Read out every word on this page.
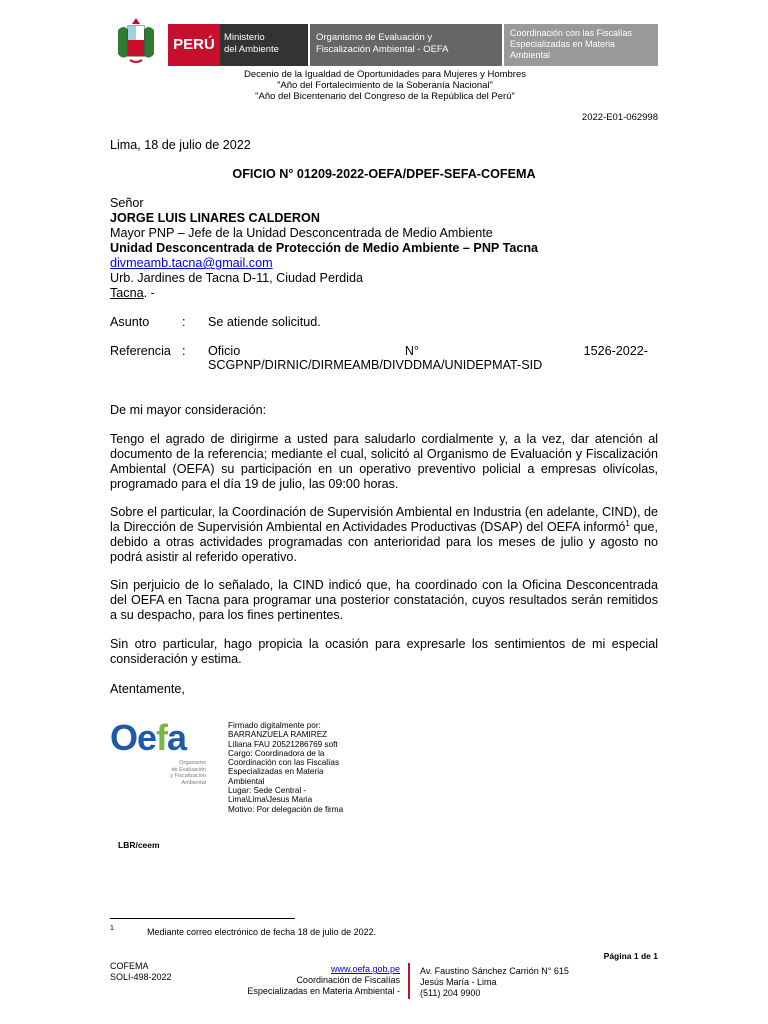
PERÚ Ministerio
del Ambiente
Organismo de Evaluación y
Fiscalización Ambiental - OEFA
Coordinación con las Fiscalías
Especializadas en Materia
Ambiental
Decenio de la Igualdad de Oportunidades para Mujeres y Hombres
"Año del Fortalecimiento de la Soberanía Nacional"
"Año del Bicentenario del Congreso de la República del Perú"
2022-E01-062998
Lima, 18 de julio de 2022
OFICIO N° 01209-2022-OEFA/DPEF-SEFA-COFEMA
Señor
JORGE LUIS LINARES CALDERON
Mayor PNP – Jefe de la Unidad Desconcentrada de Medio Ambiente
Unidad Desconcentrada de Protección de Medio Ambiente – PNP Tacna
divmeamb.tacna@gmail.com
Urb. Jardines de Tacna D-11, Ciudad Perdida
Tacna. -
Asunto	: Se atiende solicitud.
Referencia : Oficio	N°	1526-2022-
SCGPNP/DIRNIC/DIRMEAMB/DIVDDMA/UNIDEPMAT-SID
De mi mayor consideración:
Tengo el agrado de dirigirme a usted para saludarlo cordialmente y, a la vez, dar atención al documento de la referencia; mediante el cual, solicitó al Organismo de Evaluación y Fiscalización Ambiental (OEFA) su participación en un operativo preventivo policial a empresas olivícolas, programado para el día 19 de julio, las 09:00 horas.
Sobre el particular, la Coordinación de Supervisión Ambiental en Industria (en adelante, CIND), de la Dirección de Supervisión Ambiental en Actividades Productivas (DSAP) del OEFA informó$^1$ que, debido a otras actividades programadas con anterioridad para los meses de julio y agosto no podrá asistir al referido operativo.
Sin perjuicio de lo señalado, la CIND indicó que, ha coordinado con la Oficina Desconcentrada del OEFA en Tacna para programar una posterior constatación, cuyos resultados serán remitidos a su despacho, para los fines pertinentes.
Sin otro particular, hago propicia la ocasión para expresarle los sentimientos de mi especial consideración y estima.
Atentamente,
Oefa
Organismo
de Evaluación
y Fiscalización
Ambiental
Firmado digitalmente por:
BARRANZUELA RAMIREZ
Liliana FAU 20521286769 soft
Cargo: Coordinadora de la
Coordinación con las Fiscalías
Especializadas en Materia
Ambiental
Lugar: Sede Central -
Lima\Lima\Jesus Maria
Motivo: Por delegación de firma
LBR/ceem
1	Mediante correo electrónico de fecha 18 de julio de 2022.
Página 1 de 1
COFEMA
SOLI-498-2022
www.oefa.gob.pe
Coordinación de Fiscalías
Especializadas en Materia Ambiental -
Av. Faustino Sánchez Carrión N° 615
Jesús María - Lima
(511) 204 9900
